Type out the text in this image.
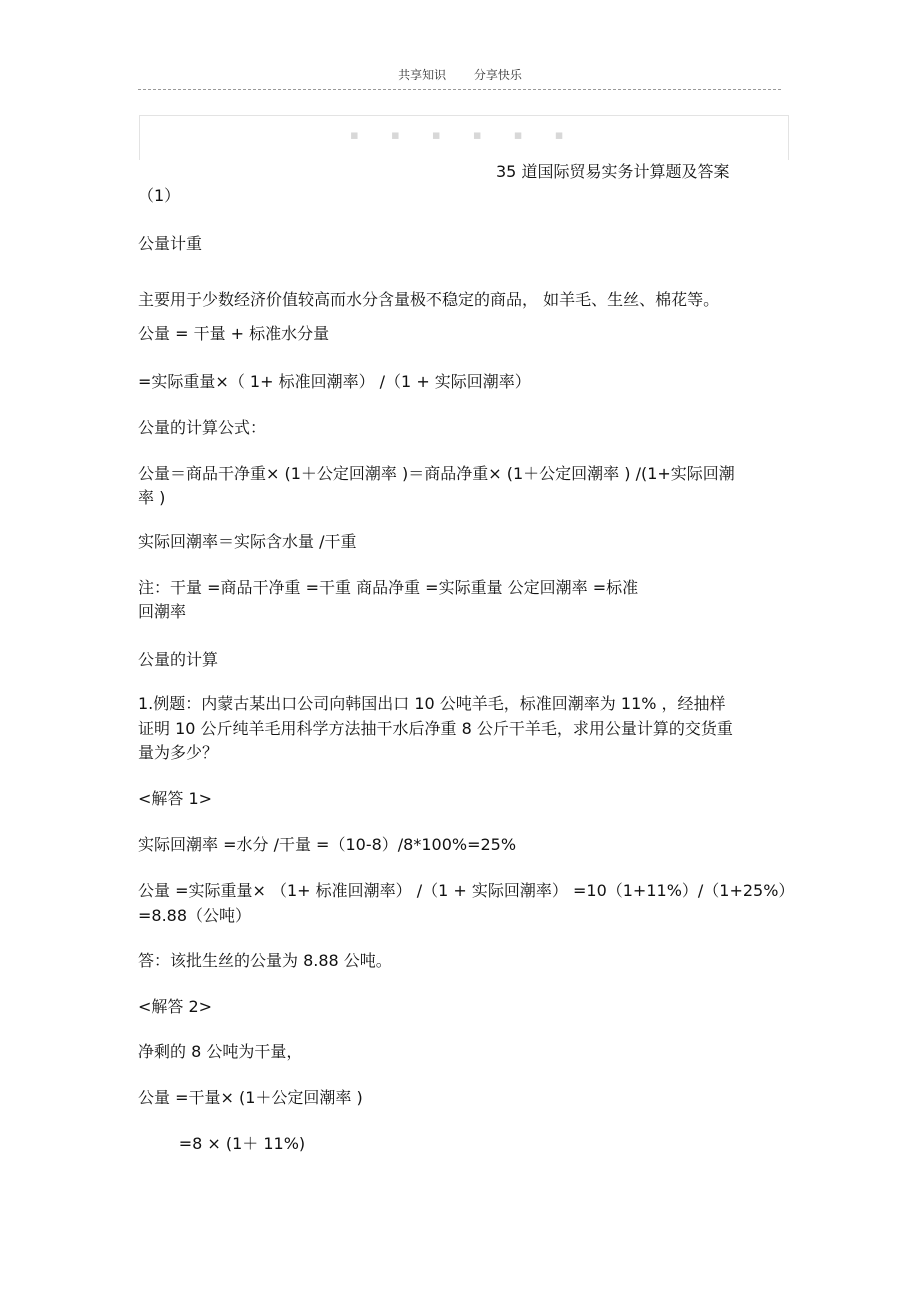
共享知识 分享快乐
▪ ▪ ▪ ▪ ▪ ▪
35 道国际贸易实务计算题及答案
（1）
公量计重
主要用于少数经济价值较高而水分含量极不稳定的商品， 如羊毛、生丝、棉花等。
公量 = 干量 + 标准水分量
=实际重量×（ 1+ 标准回潮率） /（1 + 实际回潮率）
公量的计算公式：
公量＝商品干净重× (1＋公定回潮率 )＝商品净重× (1＋公定回潮率 ) /(1+实际回潮
率 )
实际回潮率＝实际含水量 /干重
注：干量 =商品干净重 =干重 商品净重 =实际重量 公定回潮率 =标准
回潮率
公量的计算
1.例题：内蒙古某出口公司向韩国出口 10 公吨羊毛，标准回潮率为 11% ，经抽样
证明 10 公斤纯羊毛用科学方法抽干水后净重 8 公斤干羊毛，求用公量计算的交货重
量为多少？
<解答 1>
实际回潮率 =水分 /干量 =（10-8）/8*100%=25%
公量 =实际重量× （1+ 标准回潮率） /（1 + 实际回潮率） =10（1+11%）/（1+25%）
=8.88（公吨）
答：该批生丝的公量为 8.88 公吨。
<解答 2>
净剩的 8 公吨为干量，
公量 =干量× (1＋公定回潮率 )
=8 × (1＋ 11%)
